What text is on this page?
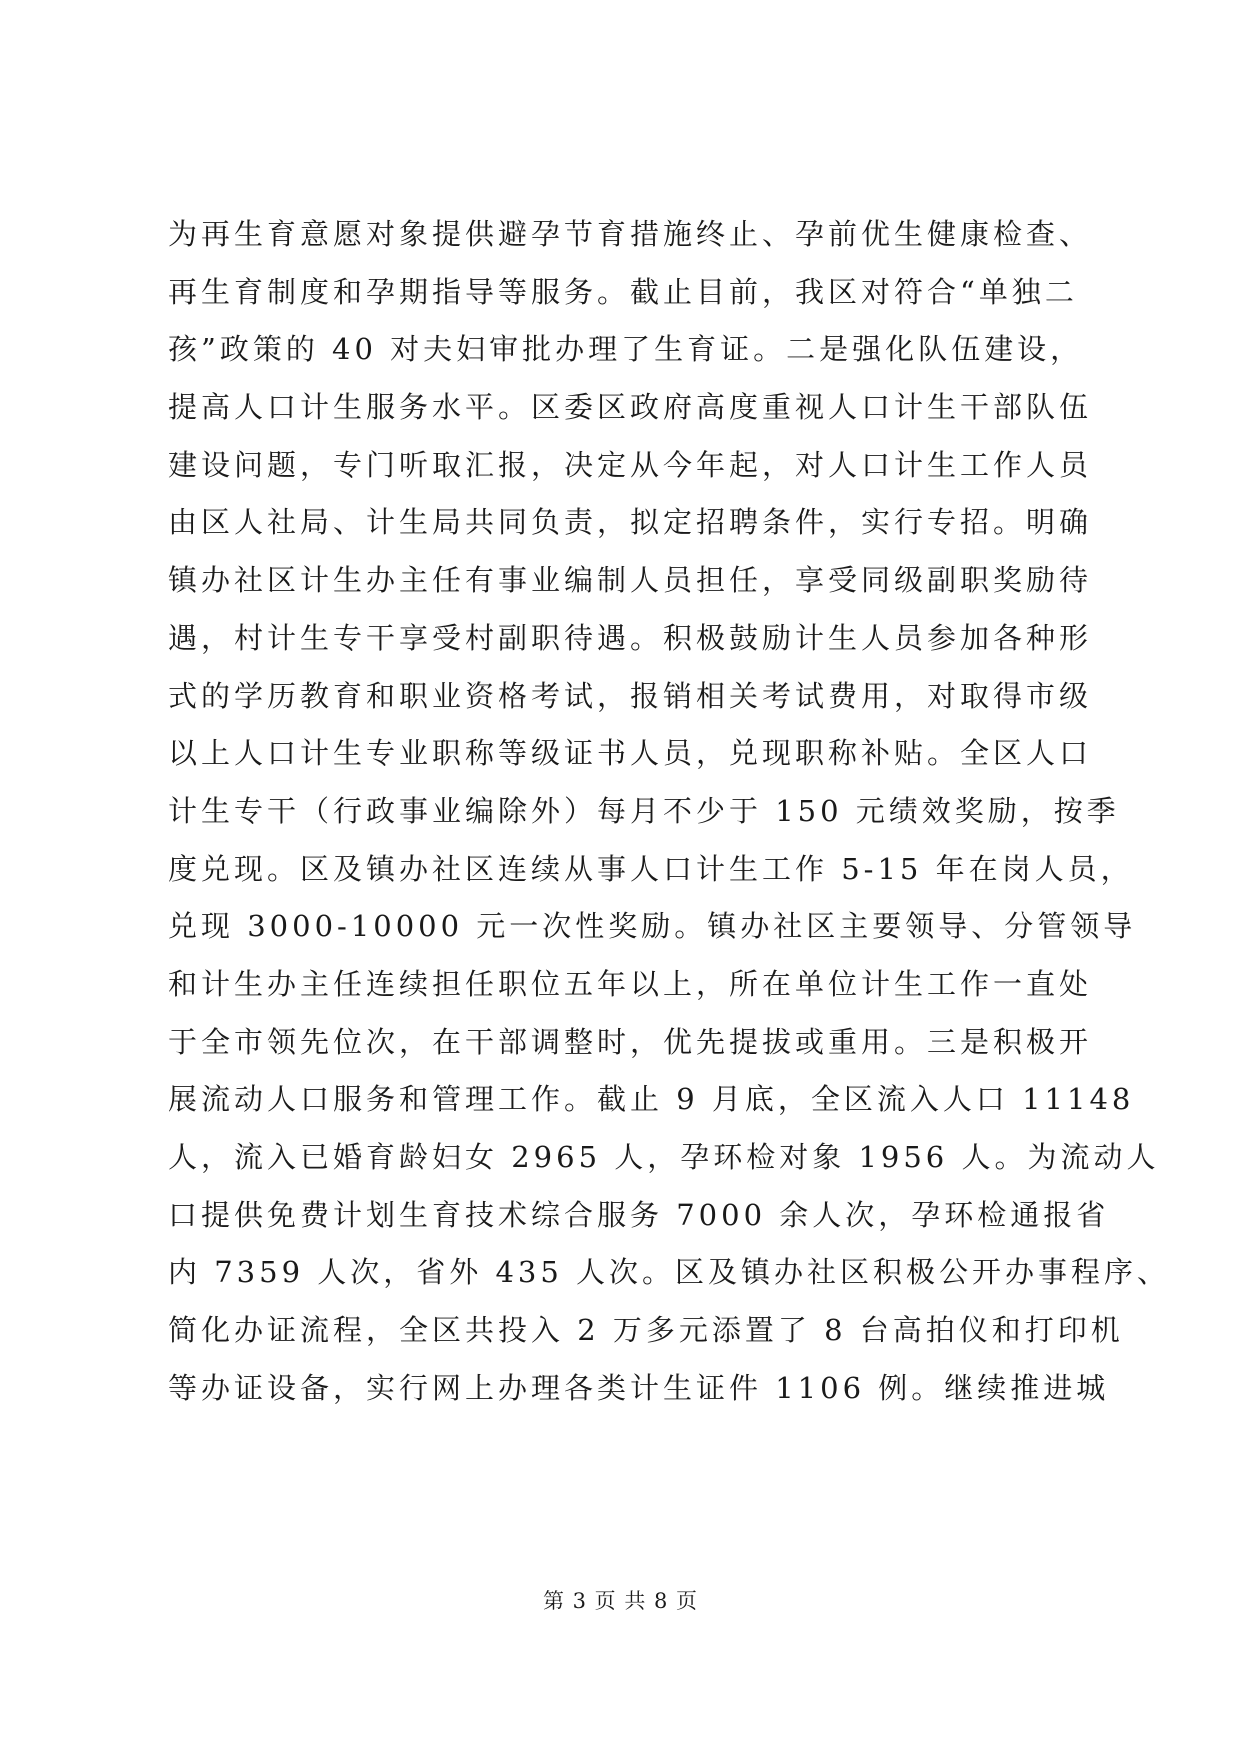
为再生育意愿对象提供避孕节育措施终止、孕前优生健康检查、
再生育制度和孕期指导等服务。截止目前，我区对符合“单独二
孩”政策的 40 对夫妇审批办理了生育证。二是强化队伍建设，
提高人口计生服务水平。区委区政府高度重视人口计生干部队伍
建设问题，专门听取汇报，决定从今年起，对人口计生工作人员
由区人社局、计生局共同负责，拟定招聘条件，实行专招。明确
镇办社区计生办主任有事业编制人员担任，享受同级副职奖励待
遇，村计生专干享受村副职待遇。积极鼓励计生人员参加各种形
式的学历教育和职业资格考试，报销相关考试费用，对取得市级
以上人口计生专业职称等级证书人员，兑现职称补贴。全区人口
计生专干（行政事业编除外）每月不少于 150 元绩效奖励，按季
度兑现。区及镇办社区连续从事人口计生工作 5-15 年在岗人员，
兑现 3000-10000 元一次性奖励。镇办社区主要领导、分管领导
和计生办主任连续担任职位五年以上，所在单位计生工作一直处
于全市领先位次，在干部调整时，优先提拔或重用。三是积极开
展流动人口服务和管理工作。截止 9 月底，全区流入人口 11148
人，流入已婚育龄妇女 2965 人，孕环检对象 1956 人。为流动人
口提供免费计划生育技术综合服务 7000 余人次，孕环检通报省
内 7359 人次，省外 435 人次。区及镇办社区积极公开办事程序、
简化办证流程，全区共投入 2 万多元添置了 8 台高拍仪和打印机
等办证设备，实行网上办理各类计生证件 1106 例。继续推进城
第 3 页 共 8 页
